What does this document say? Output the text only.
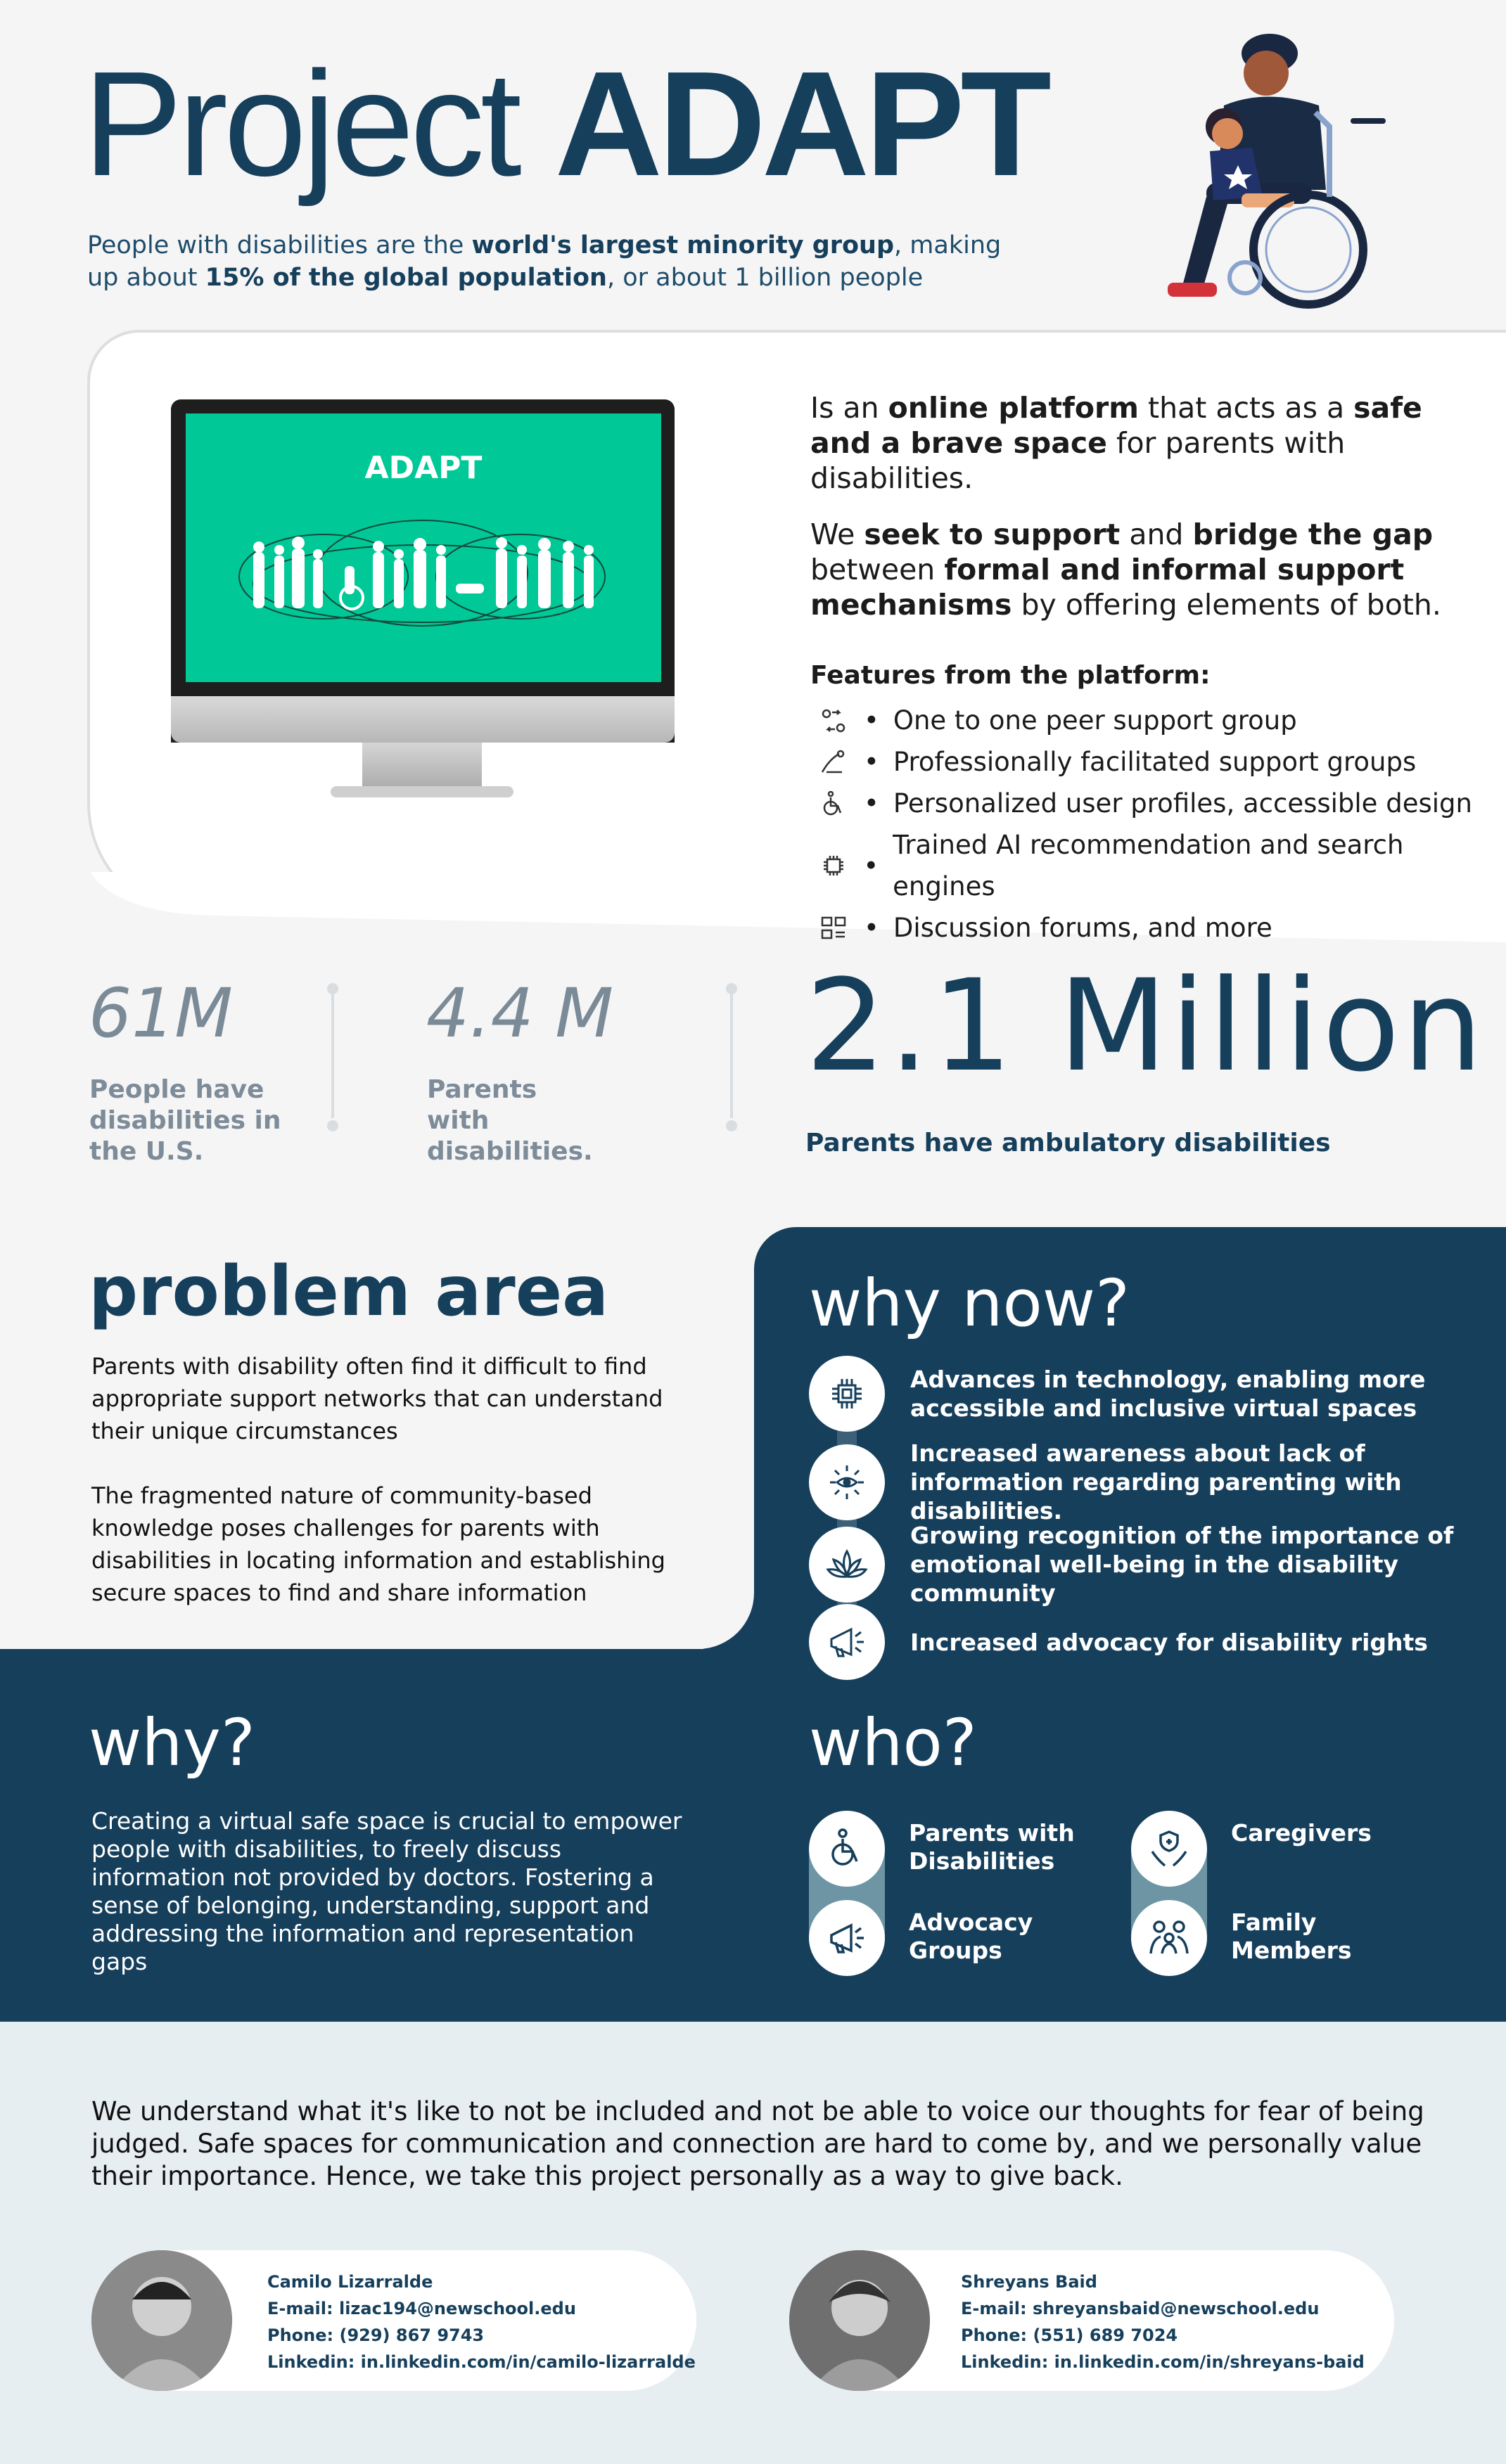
Project ADAPT
People with disabilities are the world's largest minority group, making up about 15% of the global population, or about 1 billion people
ADAPT

Is an online platform that acts as a safe and a brave space for parents with disabilities.

We seek to support and bridge the gap between formal and informal support mechanisms by offering elements of both.

Features from the platform:
• One to one peer support group
• Professionally facilitated support groups
• Personalized user profiles, accessible design
•
Trained AI recommendation and search engines
• Discussion forums, and more
61M
People have disabilities in the U.S.
4.4 M
Parents with disabilities.
2.1 Million
Parents have ambulatory disabilities
problem area

Parents with disability often find it difficult to find appropriate support networks that can understand their unique circumstances

The fragmented nature of community-based knowledge poses challenges for parents with disabilities in locating information and establishing secure spaces to find and share information

why now?
Advances in technology, enabling more accessible and inclusive virtual spaces
Increased awareness about lack of information regarding parenting with disabilities.
Growing recognition of the importance of emotional well-being in the disability community
Increased advocacy for disability rights
why?
Creating a virtual safe space is crucial to empower people with disabilities, to freely discuss information not provided by doctors. Fostering a sense of belonging, understanding, support and addressing the information and representation gaps
who?
Parents with Disabilities
Caregivers
Advocacy Groups
Family Members
We understand what it's like to not be included and not be able to voice our thoughts for fear of being judged. Safe spaces for communication and connection are hard to come by, and we personally value their importance. Hence, we take this project personally as a way to give back.
Camilo Lizarralde
E-mail: lizac194@newschool.edu
Phone: (929) 867 9743
Linkedin: in.linkedin.com/in/camilo-lizarralde
Shreyans Baid
E-mail: shreyansbaid@newschool.edu
Phone: (551) 689 7024
Linkedin: in.linkedin.com/in/shreyans-baid
